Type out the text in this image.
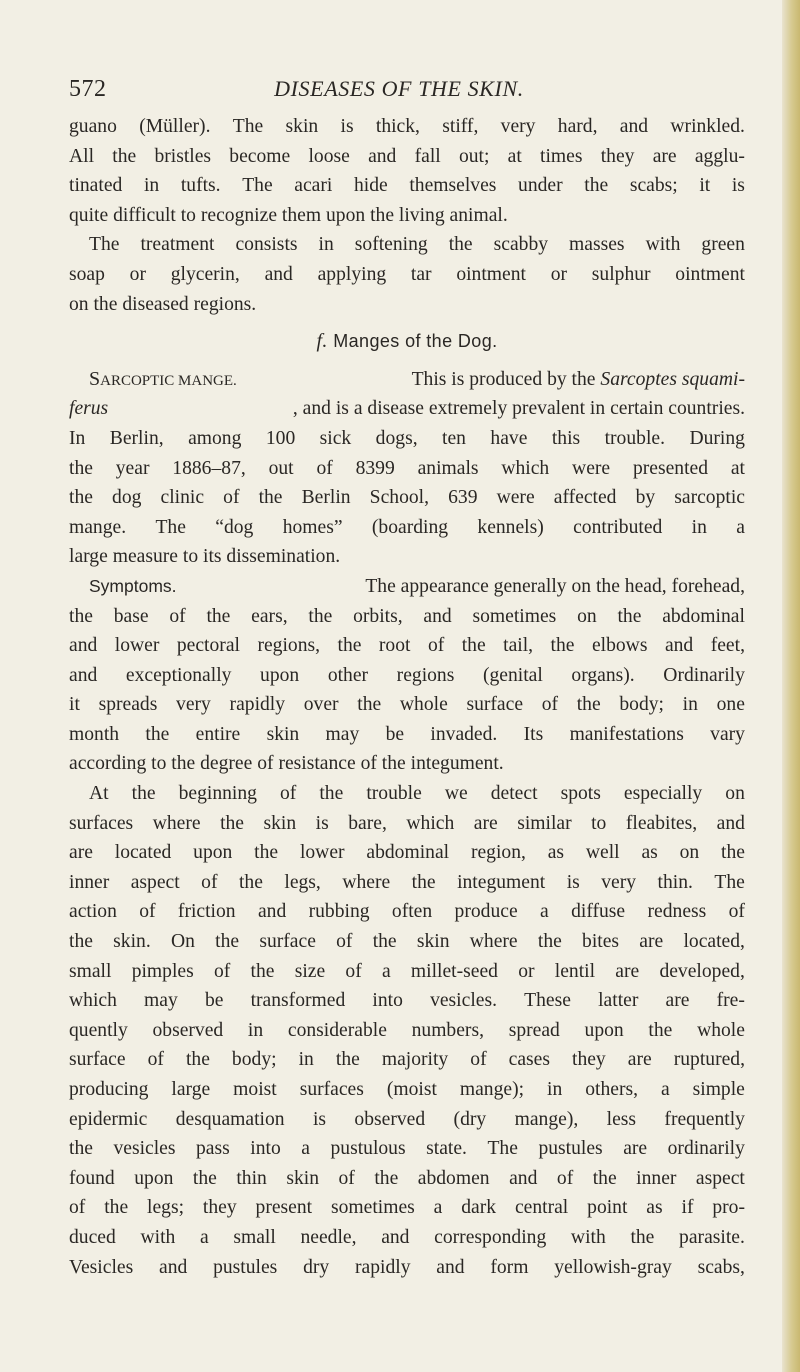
572	DISEASES OF THE SKIN.
guano (Müller). The skin is thick, stiff, very hard, and wrinkled.
All the bristles become loose and fall out; at times they are agglu-
tinated in tufts. The acari hide themselves under the scabs; it is
quite difficult to recognize them upon the living animal.
The treatment consists in softening the scabby masses with green
soap or glycerin, and applying tar ointment or sulphur ointment
on the diseased regions.
f. Manges of the Dog.
SARCOPTIC MANGE.	This is produced by the Sarcoptes squami-
ferus	, and is a disease extremely prevalent in certain countries.
In Berlin, among 100 sick dogs, ten have this trouble. During
the year 1886–87, out of 8399 animals which were presented at
the dog clinic of the Berlin School, 639 were affected by sarcoptic
mange. The “dog homes” (boarding kennels) contributed in a
large measure to its dissemination.
Symptoms.	The appearance generally on the head, forehead,
the base of the ears, the orbits, and sometimes on the abdominal
and lower pectoral regions, the root of the tail, the elbows and feet,
and exceptionally upon other regions (genital organs). Ordinarily
it spreads very rapidly over the whole surface of the body; in one
month the entire skin may be invaded. Its manifestations vary
according to the degree of resistance of the integument.
At the beginning of the trouble we detect spots especially on
surfaces where the skin is bare, which are similar to fleabites, and
are located upon the lower abdominal region, as well as on the
inner aspect of the legs, where the integument is very thin. The
action of friction and rubbing often produce a diffuse redness of
the skin. On the surface of the skin where the bites are located,
small pimples of the size of a millet-seed or lentil are developed,
which may be transformed into vesicles. These latter are fre-
quently observed in considerable numbers, spread upon the whole
surface of the body; in the majority of cases they are ruptured,
producing large moist surfaces (moist mange); in others, a simple
epidermic desquamation is observed (dry mange), less frequently
the vesicles pass into a pustulous state. The pustules are ordinarily
found upon the thin skin of the abdomen and of the inner aspect
of the legs; they present sometimes a dark central point as if pro-
duced with a small needle, and corresponding with the parasite.
Vesicles and pustules dry rapidly and form yellowish-gray scabs,
